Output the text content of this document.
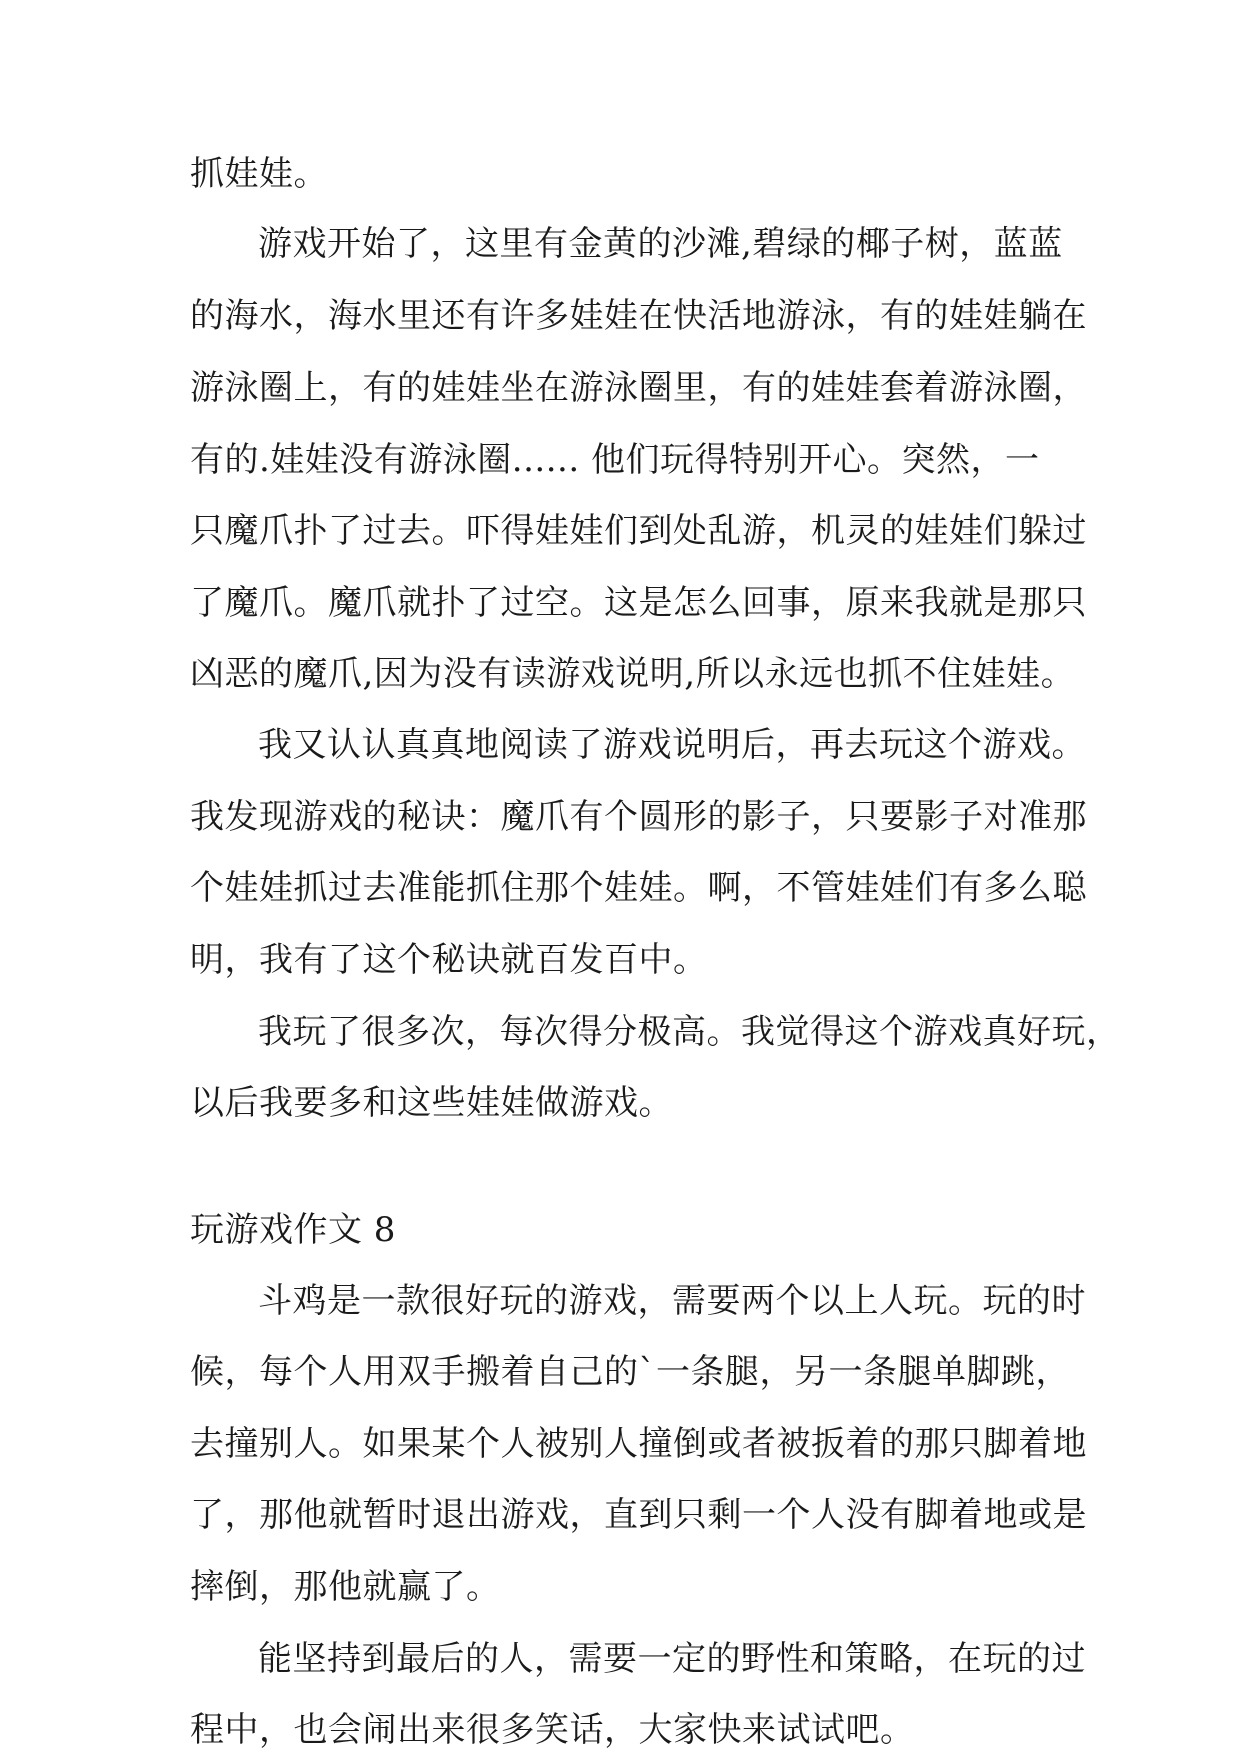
抓娃娃。
游戏开始了，这里有金黄的沙滩,碧绿的椰子树，蓝蓝
的海水，海水里还有许多娃娃在快活地游泳，有的娃娃躺在
游泳圈上，有的娃娃坐在游泳圈里，有的娃娃套着游泳圈，
有的.娃娃没有游泳圈...... 他们玩得特别开心。突然，一
只魔爪扑了过去。吓得娃娃们到处乱游，机灵的娃娃们躲过
了魔爪。魔爪就扑了过空。这是怎么回事，原来我就是那只
凶恶的魔爪,因为没有读游戏说明,所以永远也抓不住娃娃。
我又认认真真地阅读了游戏说明后，再去玩这个游戏。
我发现游戏的秘诀：魔爪有个圆形的影子，只要影子对准那
个娃娃抓过去准能抓住那个娃娃。啊，不管娃娃们有多么聪
明，我有了这个秘诀就百发百中。
我玩了很多次，每次得分极高。我觉得这个游戏真好玩，
以后我要多和这些娃娃做游戏。
玩游戏作文 8
斗鸡是一款很好玩的游戏，需要两个以上人玩。玩的时
候，每个人用双手搬着自己的`一条腿，另一条腿单脚跳，
去撞别人。如果某个人被别人撞倒或者被扳着的那只脚着地
了，那他就暂时退出游戏，直到只剩一个人没有脚着地或是
摔倒，那他就赢了。
能坚持到最后的人，需要一定的野性和策略，在玩的过
程中，也会闹出来很多笑话，大家快来试试吧。
